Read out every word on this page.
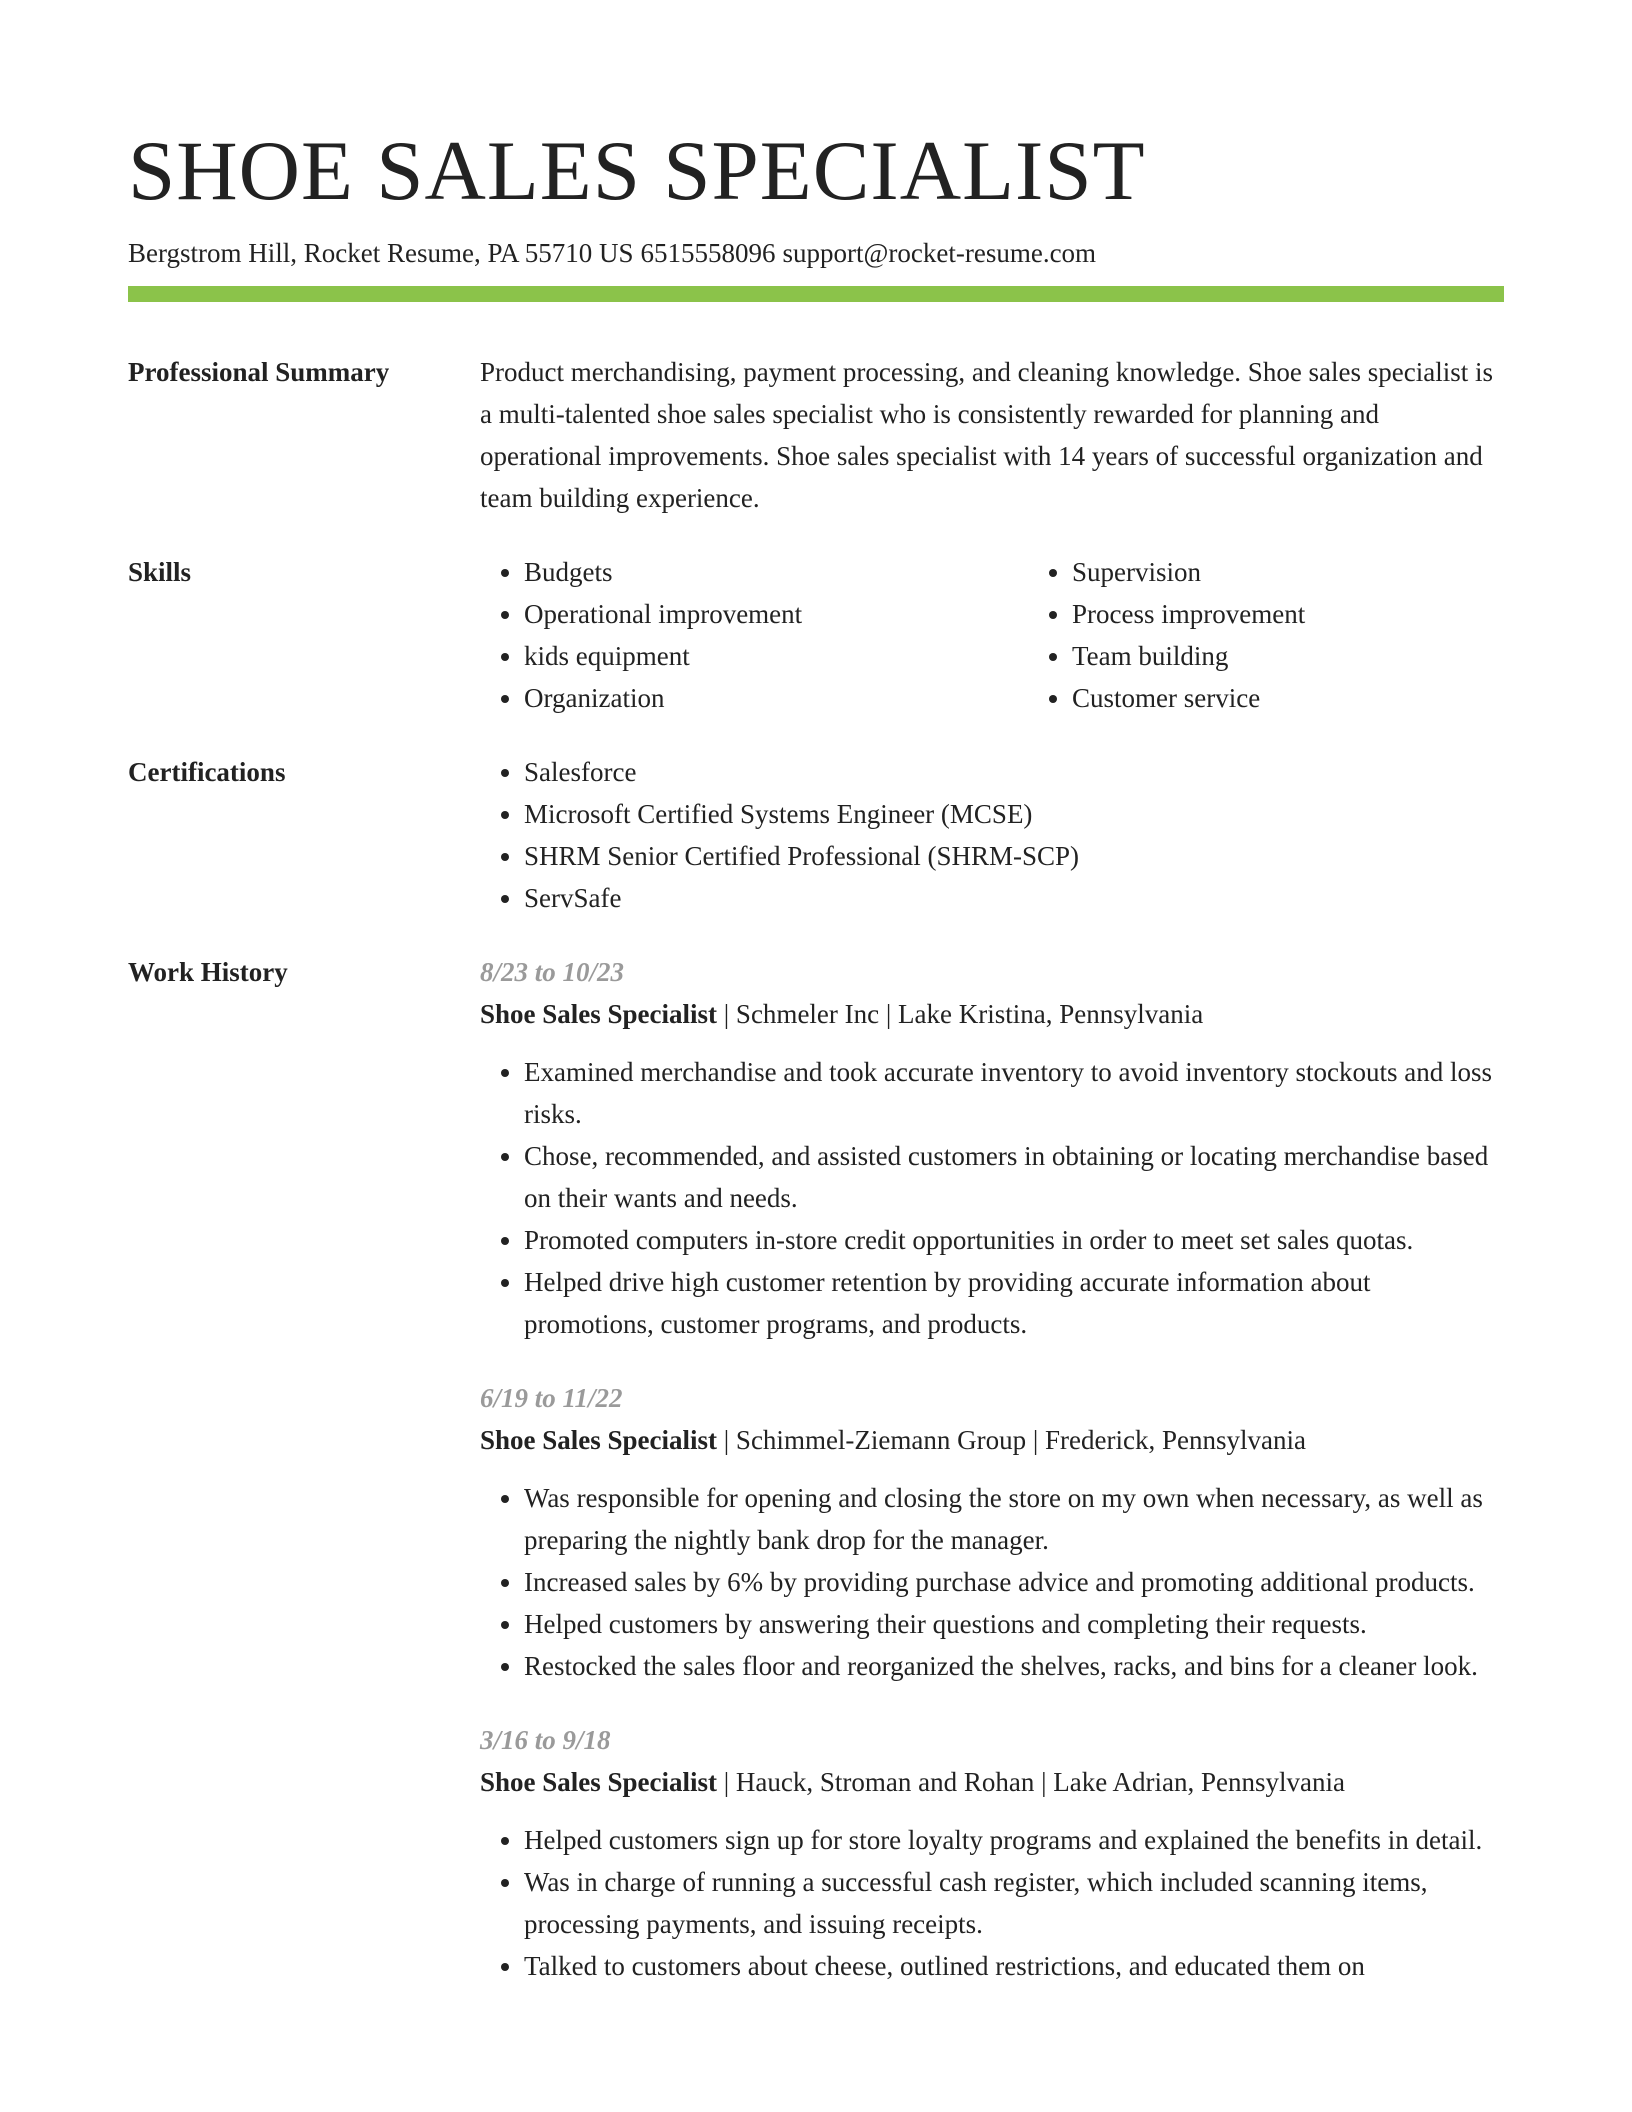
SHOE SALES SPECIALIST
Bergstrom Hill, Rocket Resume, PA 55710 US 6515558096 support@rocket-resume.com
Professional Summary	Product merchandising, payment processing, and cleaning knowledge. Shoe sales specialist is a multi-talented shoe sales specialist who is consistently rewarded for planning and operational improvements. Shoe sales specialist with 14 years of successful organization and team building experience.
Skills	• Budgets
• Operational improvement
• kids equipment
• Organization
• Supervision
• Process improvement
• Team building
• Customer service
Certifications	• Salesforce
• Microsoft Certified Systems Engineer (MCSE)
• SHRM Senior Certified Professional (SHRM-SCP)
• ServSafe
Work History	8/23 to 10/23
Shoe Sales Specialist | Schmeler Inc | Lake Kristina, Pennsylvania
• Examined merchandise and took accurate inventory to avoid inventory stockouts and loss risks.
• Chose, recommended, and assisted customers in obtaining or locating merchandise based on their wants and needs.
• Promoted computers in-store credit opportunities in order to meet set sales quotas.
• Helped drive high customer retention by providing accurate information about promotions, customer programs, and products.
6/19 to 11/22
Shoe Sales Specialist | Schimmel-Ziemann Group | Frederick, Pennsylvania
• Was responsible for opening and closing the store on my own when necessary, as well as preparing the nightly bank drop for the manager.
• Increased sales by 6% by providing purchase advice and promoting additional products.
• Helped customers by answering their questions and completing their requests.
• Restocked the sales floor and reorganized the shelves, racks, and bins for a cleaner look.
3/16 to 9/18
Shoe Sales Specialist | Hauck, Stroman and Rohan | Lake Adrian, Pennsylvania
• Helped customers sign up for store loyalty programs and explained the benefits in detail.
• Was in charge of running a successful cash register, which included scanning items, processing payments, and issuing receipts.
• Talked to customers about cheese, outlined restrictions, and educated them on
